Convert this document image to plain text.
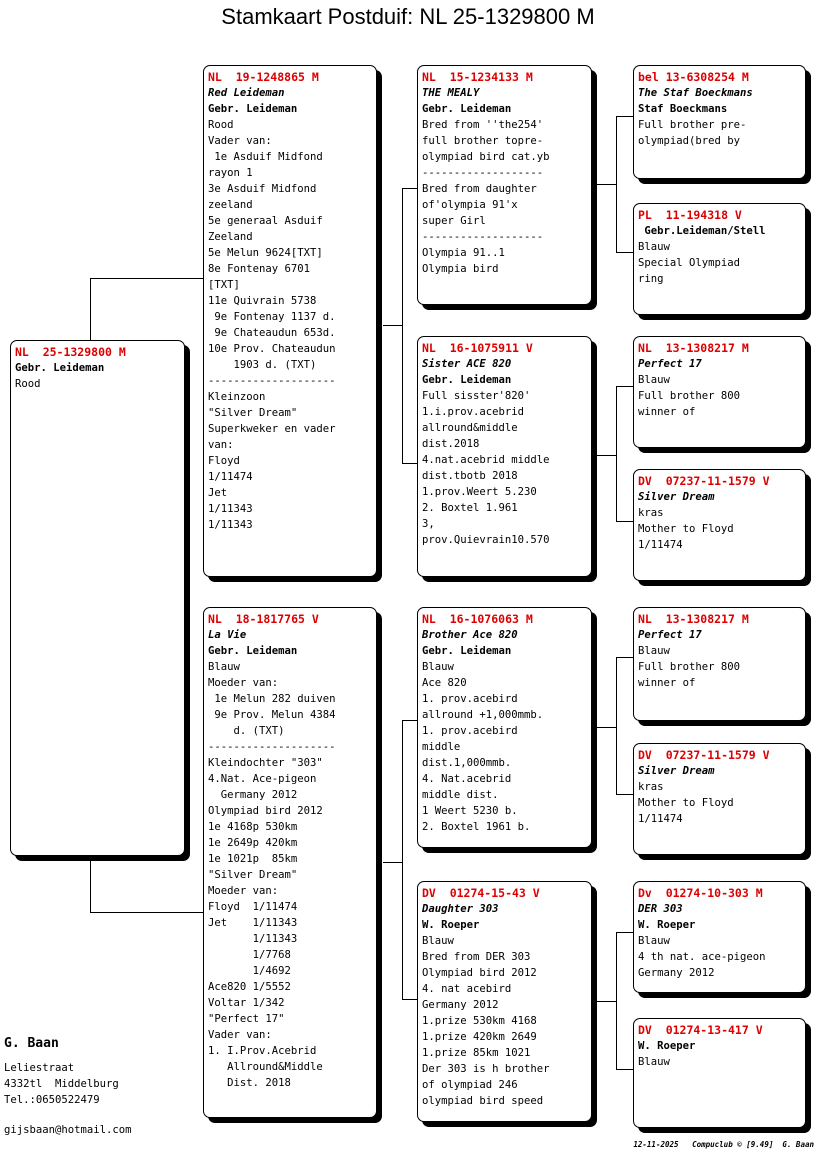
Stamkaart Postduif: NL 25-1329800 M
NL  25-1329800 M
Gebr. Leideman
Rood
NL  19-1248865 M
Red Leideman
Gebr. Leideman
Rood
Vader van:
1e Asduif Midfond
rayon 1
3e Asduif Midfond
zeeland
5e generaal Asduif
Zeeland
5e Melun 9624[TXT]
8e Fontenay 6701
[TXT]
11e Quivrain 5738
9e Fontenay 1137 d.
9e Chateaudun 653d.
10e Prov. Chateaudun
1903 d. (TXT)
--------------------
Kleinzoon
"Silver Dream"
Superkweker en vader
van:
Floyd
1/11474
Jet
1/11343
1/11343
NL  18-1817765 V
La Vie
Gebr. Leideman
Blauw
Moeder van:
1e Melun 282 duiven
9e Prov. Melun 4384
d. (TXT)
--------------------
Kleindochter "303"
4.Nat. Ace-pigeon
Germany 2012
Olympiad bird 2012
1e 4168p 530km
1e 2649p 420km
1e 1021p  85km
"Silver Dream"
Moeder van:
Floyd  1/11474
Jet    1/11343
1/11343
1/7768
1/4692
Ace820 1/5552
Voltar 1/342
"Perfect 17"
Vader van:
1. I.Prov.Acebrid
Allround&Middle
Dist. 2018
NL  15-1234133 M
THE MEALY
Gebr. Leideman
Bred from ''the254'
full brother topre-
olympiad bird cat.yb
-------------------
Bred from daughter
of'olympia 91'x
super Girl
-------------------
Olympia 91..1
Olympia bird
NL  16-1075911 V
Sister ACE 820
Gebr. Leideman
Full sisster'820'
1.i.prov.acebrid
allround&middle
dist.2018
4.nat.acebrid middle
dist.tbotb 2018
1.prov.Weert 5.230
2. Boxtel 1.961
3,
prov.Quievrain10.570
NL  16-1076063 M
Brother Ace 820
Gebr. Leideman
Blauw
Ace 820
1. prov.acebird
allround +1,000mmb.
1. prov.acebird
middle
dist.1,000mmb.
4. Nat.acebrid
middle dist.
1 Weert 5230 b.
2. Boxtel 1961 b.
DV  01274-15-43 V
Daughter 303
W. Roeper
Blauw
Bred from DER 303
Olympiad bird 2012
4. nat acebird
Germany 2012
1.prize 530km 4168
1.prize 420km 2649
1.prize 85km 1021
Der 303 is h brother
of olympiad 246
olympiad bird speed
bel 13-6308254 M
The Staf Boeckmans
Staf Boeckmans
Full brother pre-
olympiad(bred by
PL  11-194318 V
Gebr.Leideman/Stell
Blauw
Special Olympiad
ring
NL  13-1308217 M
Perfect 17
Blauw
Full brother 800
winner of
DV  07237-11-1579 V
Silver Dream
kras
Mother to Floyd
1/11474
NL  13-1308217 M
Perfect 17
Blauw
Full brother 800
winner of
DV  07237-11-1579 V
Silver Dream
kras
Mother to Floyd
1/11474
Dv  01274-10-303 M
DER 303
W. Roeper
Blauw
4 th nat. ace-pigeon
Germany 2012
DV  01274-13-417 V
W. Roeper
Blauw
G. Baan

Leliestraat
4332tl  Middelburg
Tel.:0650522479
gijsbaan@hotmail.com
12-11-2025   Compuclub © [9.49]  G. Baan
